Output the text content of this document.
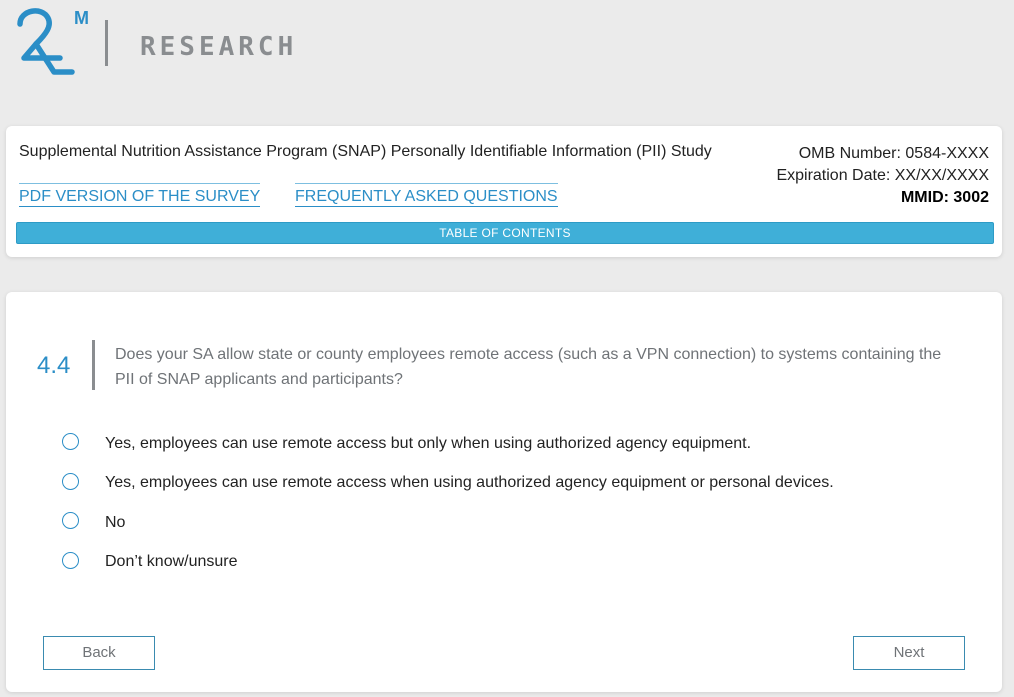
M
RESEARCH
Supplemental Nutrition Assistance Program (SNAP) Personally Identifiable Information (PII) Study	OMB Number: 0584-XXXX
Expiration Date: XX/XX/XXXX
MMID: 3002
PDF VERSION OF THE SURVEY FREQUENTLY ASKED QUESTIONS
TABLE OF CONTENTS
4.4	Does your SA allow state or county employees remote access (such as a VPN connection) to systems containing the PII of SNAP applicants and participants?
Yes, employees can use remote access but only when using authorized agency equipment.
Yes, employees can use remote access when using authorized agency equipment or personal devices.
No
Don’t know/unsure
Back	Next
